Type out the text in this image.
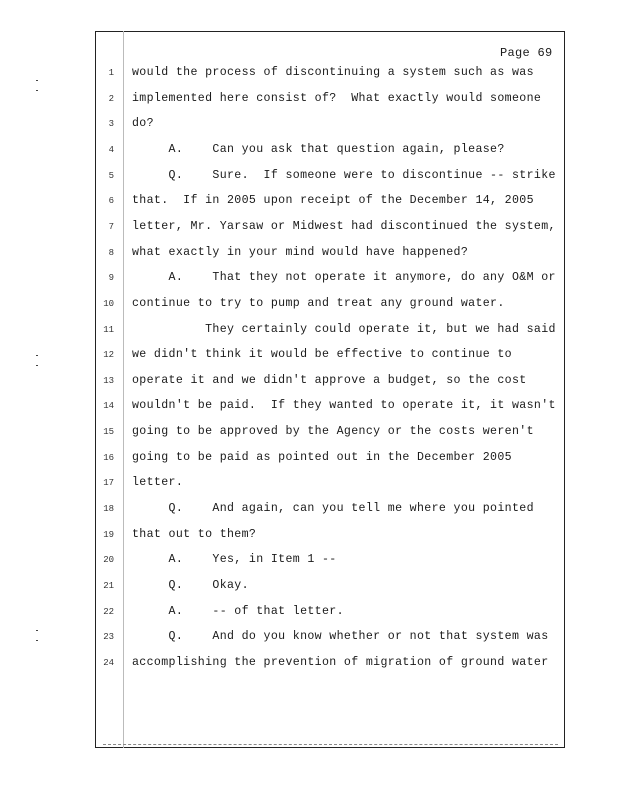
Page 69
1 would the process of discontinuing a system such as was
2 implemented here consist of?  What exactly would someone
3 do?
4 A.    Can you ask that question again, please?
5 Q.    Sure.  If someone were to discontinue -- strike
6 that.  If in 2005 upon receipt of the December 14, 2005
7 letter, Mr. Yarsaw or Midwest had discontinued the system,
8 what exactly in your mind would have happened?
9 A.    That they not operate it anymore, do any O&M or
10 continue to try to pump and treat any ground water.
11 They certainly could operate it, but we had said
12 we didn't think it would be effective to continue to
13 operate it and we didn't approve a budget, so the cost
14 wouldn't be paid.  If they wanted to operate it, it wasn't
15 going to be approved by the Agency or the costs weren't
16 going to be paid as pointed out in the December 2005
17 letter.
18 Q.    And again, can you tell me where you pointed
19 that out to them?
20 A.    Yes, in Item 1 --
21 Q.    Okay.
22 A.    -- of that letter.
23 Q.    And do you know whether or not that system was
24 accomplishing the prevention of migration of ground water
